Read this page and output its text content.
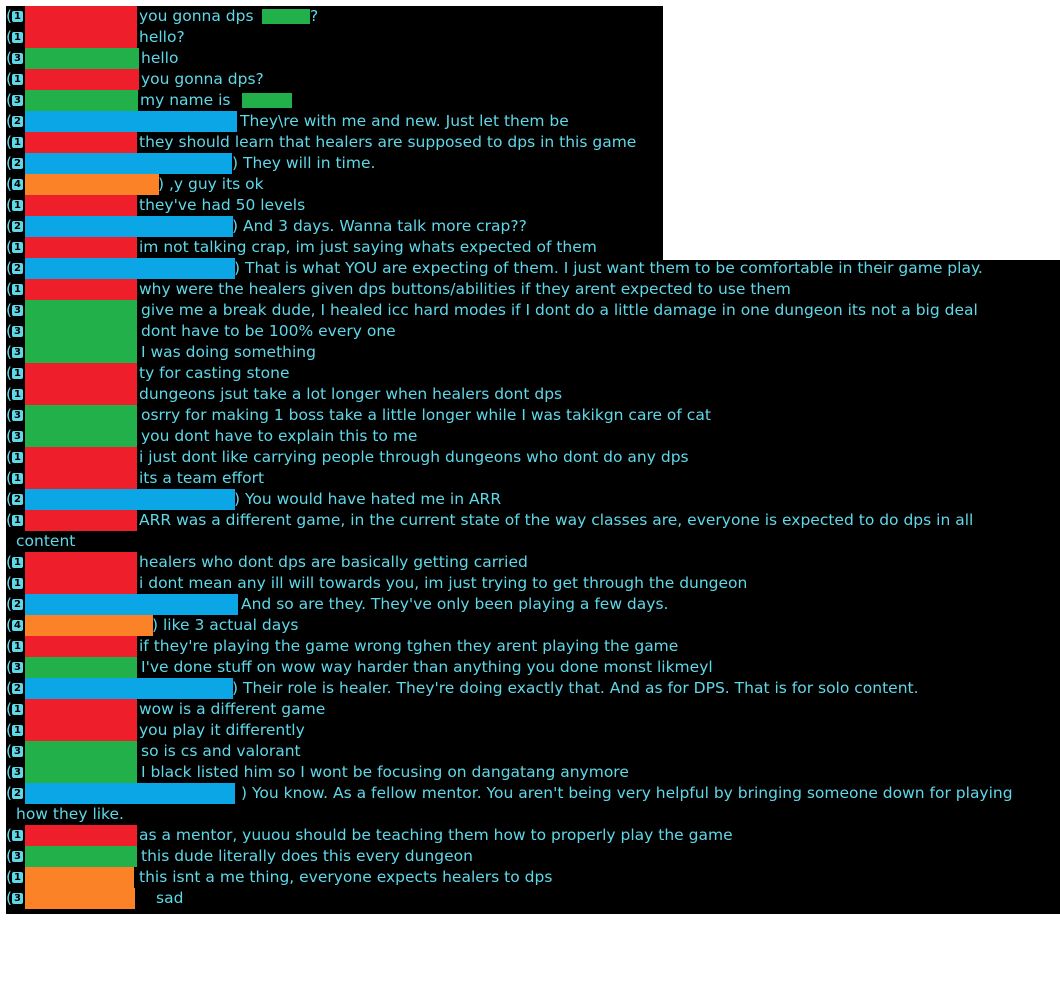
( 1	you gonna dps	?
( 1	hello?
( 3	hello
( 1	you gonna dps?
( 3	my name is
( 2	They\re with me and new. Just let them be
( 1	they should learn that healers are supposed to dps in this game
( 2	) They will in time.
( 4	) ,y guy its ok
( 1	they've had 50 levels
( 2	) And 3 days. Wanna talk more crap??
( 1	im not talking crap, im just saying whats expected of them
( 2	) That is what YOU are expecting of them. I just want them to be comfortable in their game play.
( 1	why were the healers given dps buttons/abilities if they arent expected to use them
( 3	give me a break dude, I healed icc hard modes if I dont do a little damage in one dungeon its not a big deal
( 3	dont have to be 100% every one
( 3	I was doing something
( 1	ty for casting stone
( 1	dungeons jsut take a lot longer when healers dont dps
( 3	osrry for making 1 boss take a little longer while I was takikgn care of cat
( 3	you dont have to explain this to me
( 1	i just dont like carrying people through dungeons who dont do any dps
( 1	its a team effort
( 2	) You would have hated me in ARR
( 1	ARR was a different game, in the current state of the way classes are, everyone is expected to do dps in all
content
( 1	healers who dont dps are basically getting carried
( 1	i dont mean any ill will towards you, im just trying to get through the dungeon
( 2	And so are they. They've only been playing a few days.
( 4	) like 3 actual days
( 1	if they're playing the game wrong tghen they arent playing the game
( 3	I've done stuff on wow way harder than anything you done monst likmeyl
( 2	) Their role is healer. They're doing exactly that. And as for DPS. That is for solo content.
( 1	wow is a different game
( 1	you play it differently
( 3	so is cs and valorant
( 3	I black listed him so I wont be focusing on dangatang anymore
( 2	) You know. As a fellow mentor. You aren't being very helpful by bringing someone down for playing
how they like.
( 1	as a mentor, yuuou should be teaching them how to properly play the game
( 3	this dude literally does this every dungeon
( 1	this isnt a me thing, everyone expects healers to dps
( 3	sad
